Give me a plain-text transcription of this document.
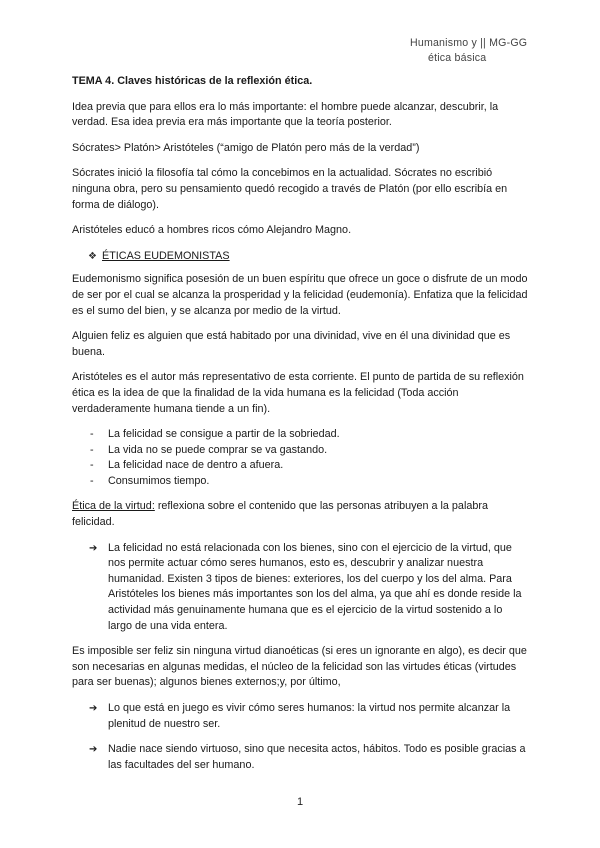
Humanismo y || MG-GG
ética básica

TEMA 4. Claves históricas de la reflexión ética.

Idea previa que para ellos era lo más importante: el hombre puede alcanzar, descubrir, la verdad. Esa idea previa era más importante que la teoría posterior.

Sócrates> Platón> Aristóteles (“amigo de Platón pero más de la verdad”)

Sócrates inició la filosofía tal cómo la concebimos en la actualidad. Sócrates no escribió ninguna obra, pero su pensamiento quedó recogido a través de Platón (por ello escribía en forma de diálogo).

Aristóteles educó a hombres ricos cómo Alejandro Magno.

❖ ÉTICAS EUDEMONISTAS

Eudemonismo significa posesión de un buen espíritu que ofrece un goce o disfrute de un modo de ser por el cual se alcanza la prosperidad y la felicidad (eudemonía). Enfatiza que la felicidad es el sumo del bien, y se alcanza por medio de la virtud.

Alguien feliz es alguien que está habitado por una divinidad, vive en él una divinidad que es buena.

Aristóteles es el autor más representativo de esta corriente. El punto de partida de su reflexión ética es la idea de que la finalidad de la vida humana es la felicidad (Toda acción verdaderamente humana tiende a un fin).

- La felicidad se consigue a partir de la sobriedad.
- La vida no se puede comprar se va gastando.
- La felicidad nace de dentro a afuera.
- Consumimos tiempo.

Ética de la virtud: reflexiona sobre el contenido que las personas atribuyen a la palabra felicidad.

➔ La felicidad no está relacionada con los bienes, sino con el ejercicio de la virtud, que nos permite actuar cómo seres humanos, esto es, descubrir y analizar nuestra humanidad. Existen 3 tipos de bienes: exteriores, los del cuerpo y los del alma. Para Aristóteles los bienes más importantes son los del alma, ya que ahí es donde reside la actividad más genuinamente humana que es el ejercicio de la virtud sostenido a lo largo de una vida entera.

Es imposible ser feliz sin ninguna virtud dianoéticas (si eres un ignorante en algo), es decir que son necesarias en algunas medidas, el núcleo de la felicidad son las virtudes éticas (virtudes para ser buenas); algunos bienes externos;y, por último,

➔ Lo que está en juego es vivir cómo seres humanos: la virtud nos permite alcanzar la plenitud de nuestro ser.
➔ Nadie nace siendo virtuoso, sino que necesita actos, hábitos. Todo es posible gracias a las facultades del ser humano.
1
